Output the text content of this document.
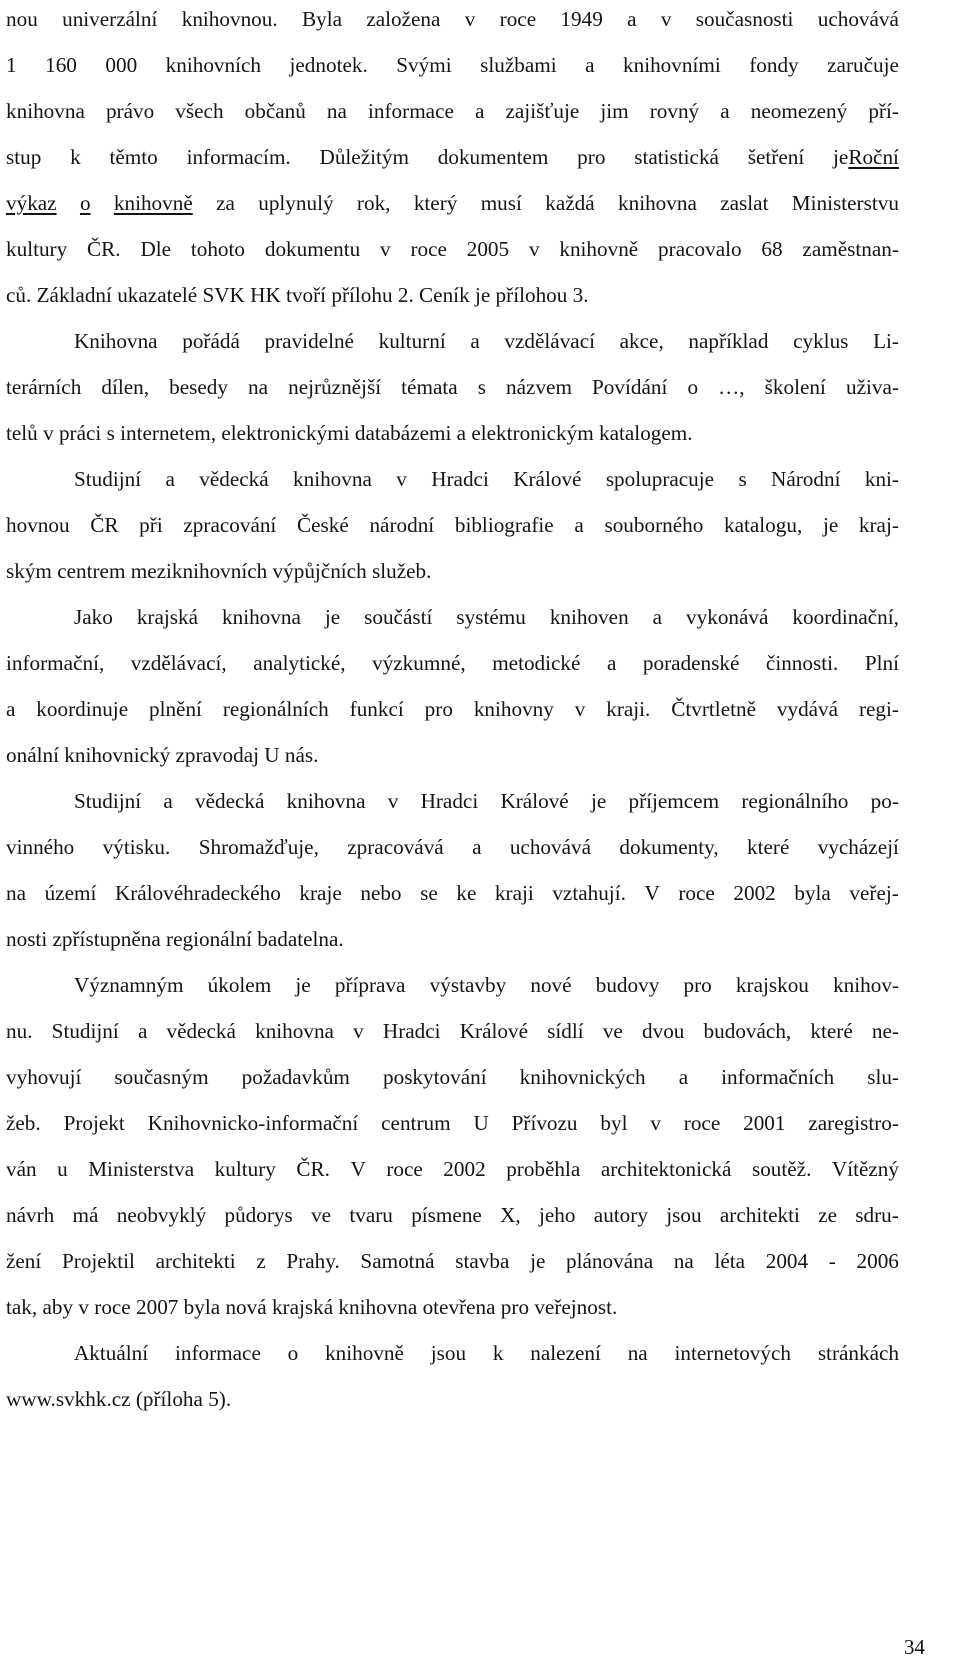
nou univerzální knihovnou. Byla založena v roce 1949 a v současnosti uchovává
1 160 000 knihovních jednotek. Svými službami a knihovními fondy zaručuje
knihovna právo všech občanů na informace a zajišťuje jim rovný a neomezený pří-
stup k těmto informacím. Důležitým dokumentem pro statistická šetření jeRoční
výkaz o knihovně za uplynulý rok, který musí každá knihovna zaslat Ministerstvu
kultury ČR. Dle tohoto dokumentu v roce 2005 v knihovně pracovalo 68 zaměstnan-
ců. Základní ukazatelé SVK HK tvoří přílohu 2. Ceník je přílohou 3.
Knihovna pořádá pravidelné kulturní a vzdělávací akce, například cyklus Li-
terárních dílen, besedy na nejrůznější témata s názvem Povídání o …, školení uživa-
telů v práci s internetem, elektronickými databázemi a elektronickým katalogem.
Studijní a vědecká knihovna v Hradci Králové spolupracuje s Národní kni-
hovnou ČR při zpracování České národní bibliografie a souborného katalogu, je kraj-
ským centrem meziknihovních výpůjčních služeb.
Jako krajská knihovna je součástí systému knihoven a vykonává koordinační,
informační, vzdělávací, analytické, výzkumné, metodické a poradenské činnosti. Plní
a koordinuje plnění regionálních funkcí pro knihovny v kraji. Čtvrtletně vydává regi-
onální knihovnický zpravodaj U nás.
Studijní a vědecká knihovna v Hradci Králové je příjemcem regionálního po-
vinného výtisku. Shromažďuje, zpracovává a uchovává dokumenty, které vycházejí
na území Královéhradeckého kraje nebo se ke kraji vztahují. V roce 2002 byla veřej-
nosti zpřístupněna regionální badatelna.
Významným úkolem je příprava výstavby nové budovy pro krajskou knihov-
nu. Studijní a vědecká knihovna v Hradci Králové sídlí ve dvou budovách, které ne-
vyhovují současným požadavkům poskytování knihovnických a informačních slu-
žeb. Projekt Knihovnicko-informační centrum U Přívozu byl v roce 2001 zaregistro-
ván u Ministerstva kultury ČR. V roce 2002 proběhla architektonická soutěž. Vítězný
návrh má neobvyklý půdorys ve tvaru písmene X, jeho autory jsou architekti ze sdru-
žení Projektil architekti z Prahy. Samotná stavba je plánována na léta 2004 - 2006
tak, aby v roce 2007 byla nová krajská knihovna otevřena pro veřejnost.
Aktuální informace o knihovně jsou k nalezení na internetových stránkách
www.svkhk.cz (příloha 5).
34
